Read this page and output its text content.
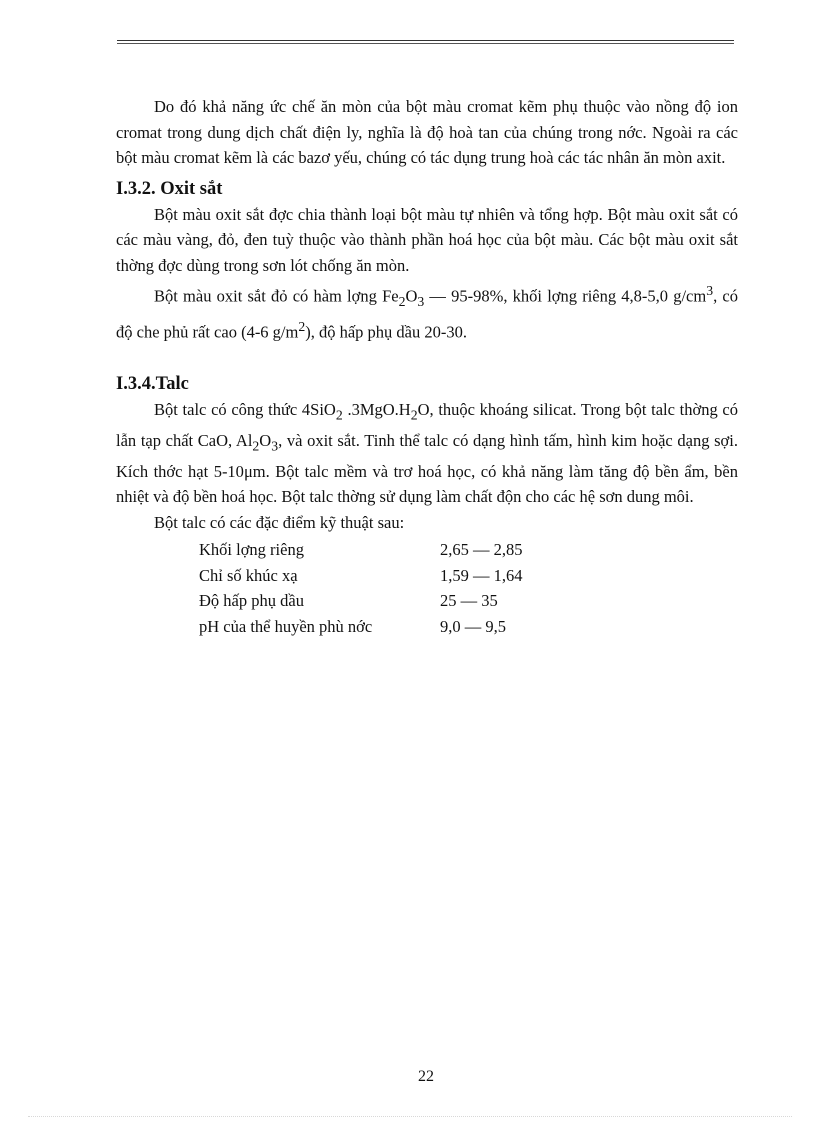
Do đó khả năng ức chế ăn mòn của bột màu cromat kẽm phụ thuộc vào nồng độ ion cromat trong dung dịch chất điện ly, nghĩa là độ hoà tan của chúng trong nớc. Ngoài ra các bột màu cromat kẽm là các bazơ yếu, chúng có tác dụng trung hoà các tác nhân ăn mòn axit.

I.3.2. Oxit sắt

Bột màu oxit sắt đợc chia thành loại bột màu tự nhiên và tổng hợp. Bột màu oxit sắt có các màu vàng, đỏ, đen tuỳ thuộc vào thành phần hoá học của bột màu. Các bột màu oxit sắt thờng đợc dùng trong sơn lót chống ăn mòn.

Bột màu oxit sắt đỏ có hàm lợng $Fe_2O_3$ — 95-98%, khối lợng riêng 4,8-5,0 $g/cm^3$, có độ che phủ rất cao (4-6 $g/m^2$), độ hấp phụ dầu 20-30.

I.3.4.Talc

Bột talc có công thức 4SiO$_2$ $.3MgO.H_2O$, thuộc khoáng silicat. Trong bột talc thờng có lẫn tạp chất CaO, $Al_2O_3$, và oxit sắt. Tinh thể talc có dạng hình tấm, hình kim hoặc dạng sợi. Kích thớc hạt 5-10μm. Bột talc mềm và trơ hoá học, có khả năng làm tăng độ bền ẩm, bền nhiệt và độ bền hoá học. Bột talc thờng sử dụng làm chất độn cho các hệ sơn dung môi.

Bột talc có các đặc điểm kỹ thuật sau:

Khối lợng riêng	2,65 — 2,85
Chỉ số khúc xạ	1,59 — 1,64
Độ hấp phụ dầu	25 — 35
pH của thể huyền phù nớc	9,0 — 9,5
22
